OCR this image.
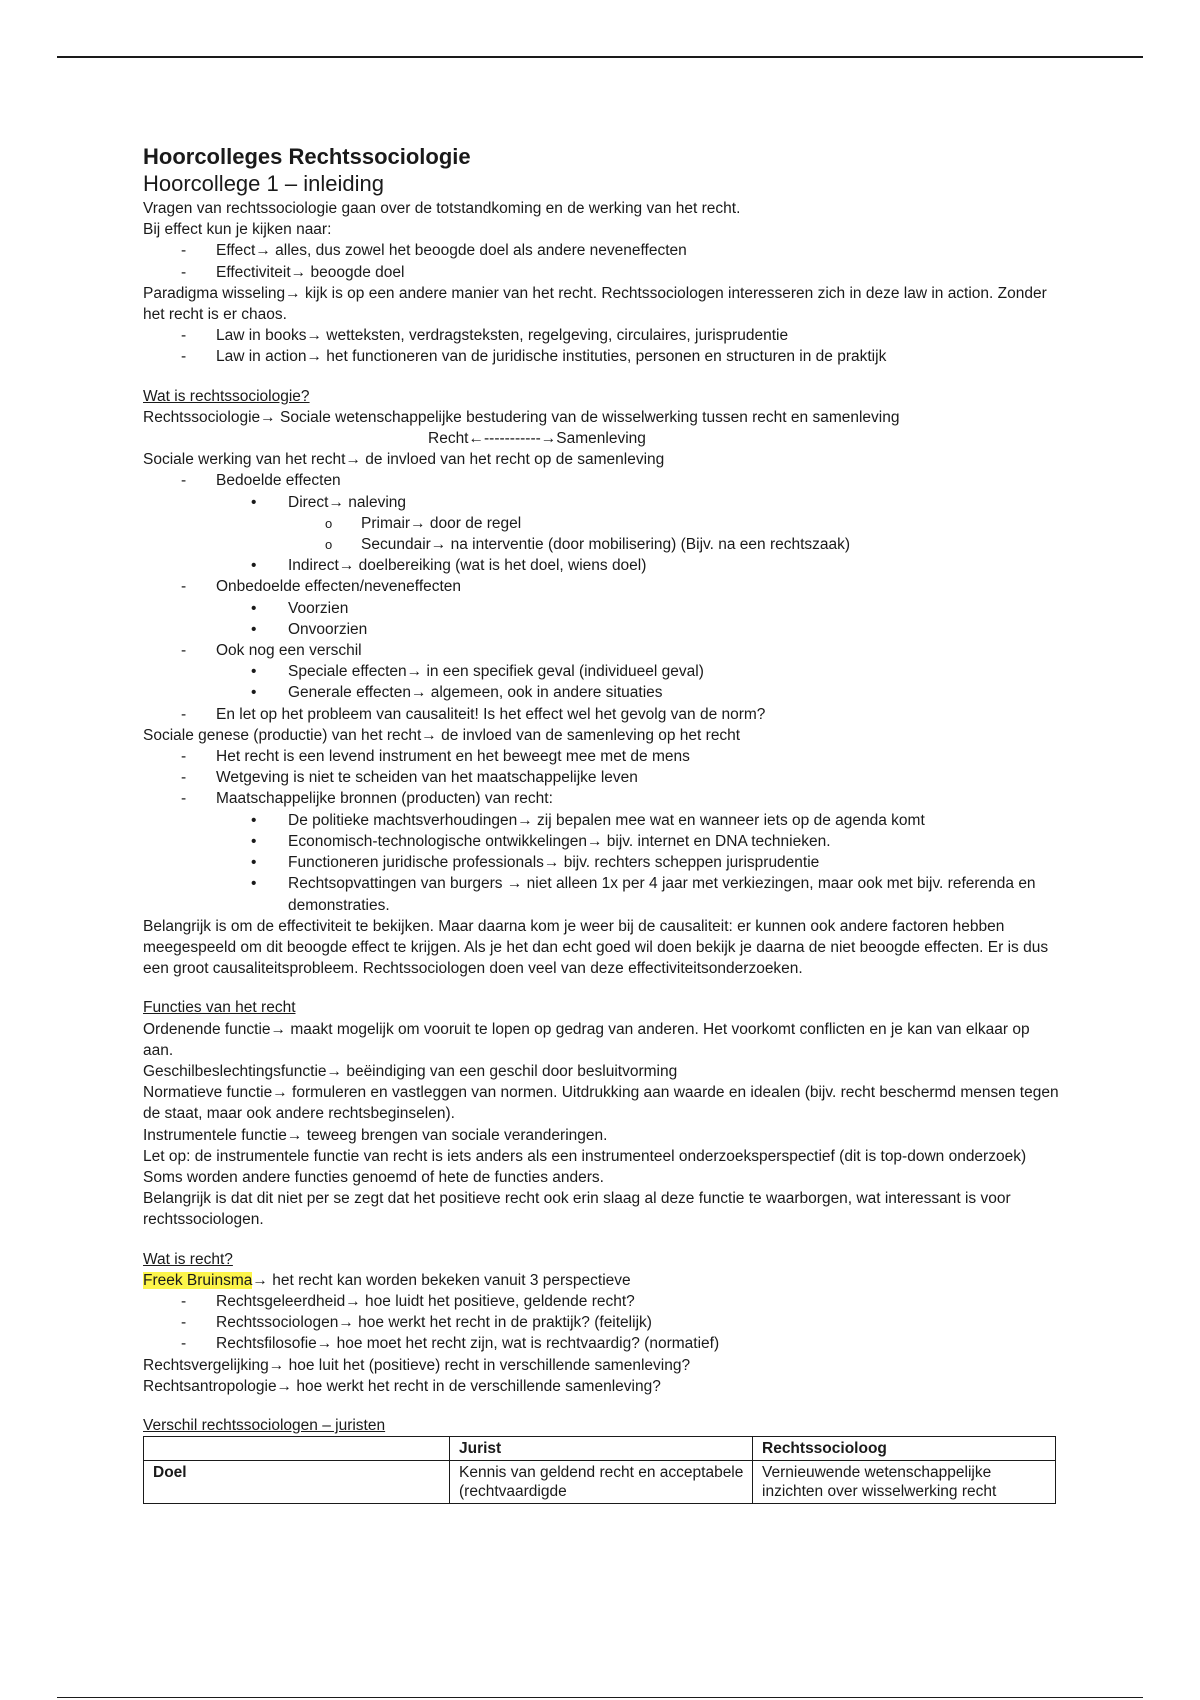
Hoorcolleges Rechtssociologie

Hoorcollege 1 – inleiding

Vragen van rechtssociologie gaan over de totstandkoming en de werking van het recht.

Bij effect kun je kijken naar:

- Effect→ alles, dus zowel het beoogde doel als andere neveneffecten

- Effectiviteit→ beoogde doel

Paradigma wisseling→ kijk is op een andere manier van het recht. Rechtssociologen interesseren zich in deze law in action. Zonder het recht is er chaos.

- Law in books→ wetteksten, verdragsteksten, regelgeving, circulaires, jurisprudentie

- Law in action→ het functioneren van de juridische instituties, personen en structuren in de praktijk

Wat is rechtssociologie?

Rechtssociologie→ Sociale wetenschappelijke bestudering van de wisselwerking tussen recht en samenleving

Recht←-----------→Samenleving

Sociale werking van het recht→ de invloed van het recht op de samenleving

- Bedoelde effecten

• Direct→ naleving

o Primair→ door de regel

o Secundair→ na interventie (door mobilisering) (Bijv. na een rechtszaak)

• Indirect→ doelbereiking (wat is het doel, wiens doel)

- Onbedoelde effecten/neveneffecten

• Voorzien

• Onvoorzien

- Ook nog een verschil

• Speciale effecten→ in een specifiek geval (individueel geval)

• Generale effecten→ algemeen, ook in andere situaties

- En let op het probleem van causaliteit! Is het effect wel het gevolg van de norm?

Sociale genese (productie) van het recht→ de invloed van de samenleving op het recht

- Het recht is een levend instrument en het beweegt mee met de mens

- Wetgeving is niet te scheiden van het maatschappelijke leven

- Maatschappelijke bronnen (producten) van recht:

• De politieke machtsverhoudingen→ zij bepalen mee wat en wanneer iets op de agenda komt

• Economisch-technologische ontwikkelingen→ bijv. internet en DNA technieken.

• Functioneren juridische professionals→ bijv. rechters scheppen jurisprudentie

• Rechtsopvattingen van burgers → niet alleen 1x per 4 jaar met verkiezingen, maar ook met bijv. referenda en demonstraties.

Belangrijk is om de effectiviteit te bekijken. Maar daarna kom je weer bij de causaliteit: er kunnen ook andere factoren hebben meegespeeld om dit beoogde effect te krijgen. Als je het dan echt goed wil doen bekijk je daarna de niet beoogde effecten. Er is dus een groot causaliteitsprobleem. Rechtssociologen doen veel van deze effectiviteitsonderzoeken.

Functies van het recht

Ordenende functie→ maakt mogelijk om vooruit te lopen op gedrag van anderen. Het voorkomt conflicten en je kan van elkaar op aan.

Geschilbeslechtingsfunctie→ beëindiging van een geschil door besluitvorming

Normatieve functie→ formuleren en vastleggen van normen. Uitdrukking aan waarde en idealen (bijv. recht beschermd mensen tegen de staat, maar ook andere rechtsbeginselen).

Instrumentele functie→ teweeg brengen van sociale veranderingen.

Let op: de instrumentele functie van recht is iets anders als een instrumenteel onderzoeksperspectief (dit is top-down onderzoek)

Soms worden andere functies genoemd of hete de functies anders.

Belangrijk is dat dit niet per se zegt dat het positieve recht ook erin slaag al deze functie te waarborgen, wat interessant is voor rechtssociologen.

Wat is recht?

Freek Bruinsma→ het recht kan worden bekeken vanuit 3 perspectieve

- Rechtsgeleerdheid→ hoe luidt het positieve, geldende recht?

- Rechtssociologen→ hoe werkt het recht in de praktijk? (feitelijk)

- Rechtsfilosofie→ hoe moet het recht zijn, wat is rechtvaardig? (normatief)

Rechtsvergelijking→ hoe luit het (positieve) recht in verschillende samenleving?

Rechtsantropologie→ hoe werkt het recht in de verschillende samenleving?

Verschil rechtssociologen – juristen

	Jurist	Rechtssocioloog
Doel	Kennis van geldend recht en acceptabele (rechtvaardigde	Vernieuwende wetenschappelijke inzichten over wisselwerking recht
